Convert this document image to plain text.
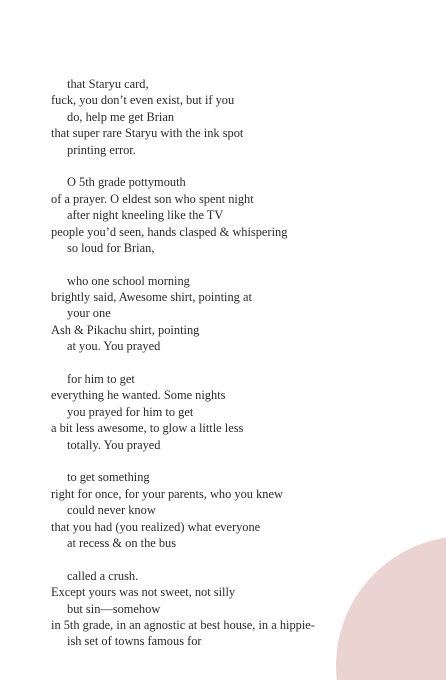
that Staryu card,
fuck, you don’t even exist, but if you
do, help me get Brian
that super rare Staryu with the ink spot
printing error.
O 5th grade pottymouth
of a prayer. O eldest son who spent night
after night kneeling like the TV
people you’d seen, hands clasped & whispering
so loud for Brian,
who one school morning
brightly said, Awesome shirt, pointing at
your one
Ash & Pikachu shirt, pointing
at you. You prayed
for him to get
everything he wanted. Some nights
you prayed for him to get
a bit less awesome, to glow a little less
totally. You prayed
to get something
right for once, for your parents, who you knew
could never know
that you had (you realized) what everyone
at recess & on the bus
called a crush.
Except yours was not sweet, not silly
but sin—somehow
in 5th grade, in an agnostic at best house, in a hippie-
ish set of towns famous for
